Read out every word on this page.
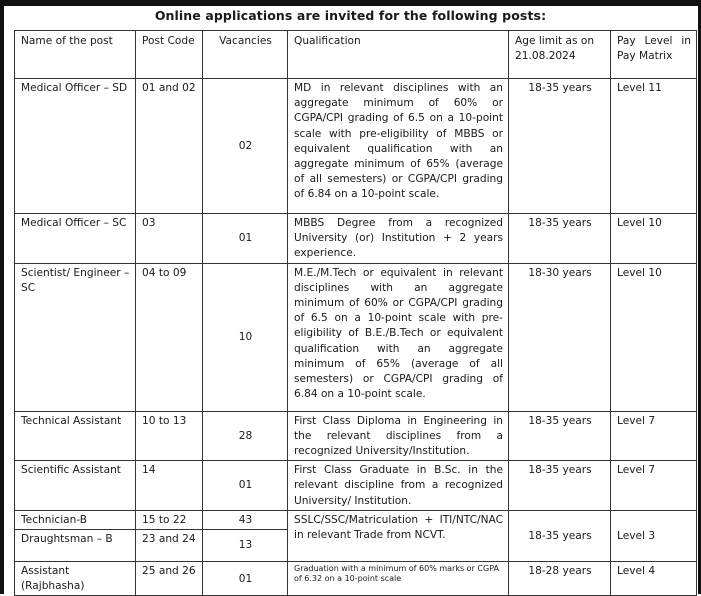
Online applications are invited for the following posts:
Name of the post	Post Code	Vacancies	Qualification	Age limit as on 21.08.2024	Pay Level in Pay Matrix
Medical Officer – SD	01 and 02	02	MD in relevant disciplines with an aggregate minimum of 60% or CGPA/CPI grading of 6.5 on a 10-point scale with pre-eligibility of MBBS or equivalent qualification with an aggregate minimum of 65% (average of all semesters) or CGPA/CPI grading of 6.84 on a 10-point scale.	18-35 years	Level 11
Medical Officer – SC	03	01	MBBS Degree from a recognized University (or) Institution + 2 years experience.	18-35 years	Level 10
Scientist/ Engineer – SC	04 to 09	10	M.E./M.Tech or equivalent in relevant disciplines with an aggregate minimum of 60% or CGPA/CPI grading of 6.5 on a 10-point scale with pre-eligibility of B.E./B.Tech or equivalent qualification with an aggregate minimum of 65% (average of all semesters) or CGPA/CPI grading of 6.84 on a 10-point scale.	18-30 years	Level 10
Technical Assistant	10 to 13	28	First Class Diploma in Engineering in the relevant disciplines from a recognized University/Institution.	18-35 years	Level 7
Scientific Assistant	14	01	First Class Graduate in B.Sc. in the relevant discipline from a recognized University/ Institution.	18-35 years	Level 7
Technician-B	15 to 22	43	SSLC/SSC/Matriculation + ITI/NTC/NAC in relevant Trade from NCVT.	18-35 years	Level 3
Draughtsman – B	23 and 24	13			
Assistant (Rajbhasha)	25 and 26	01	Graduation with a minimum of 60% marks or CGPA of 6.32 on a 10-point scale	18-28 years	Level 4
